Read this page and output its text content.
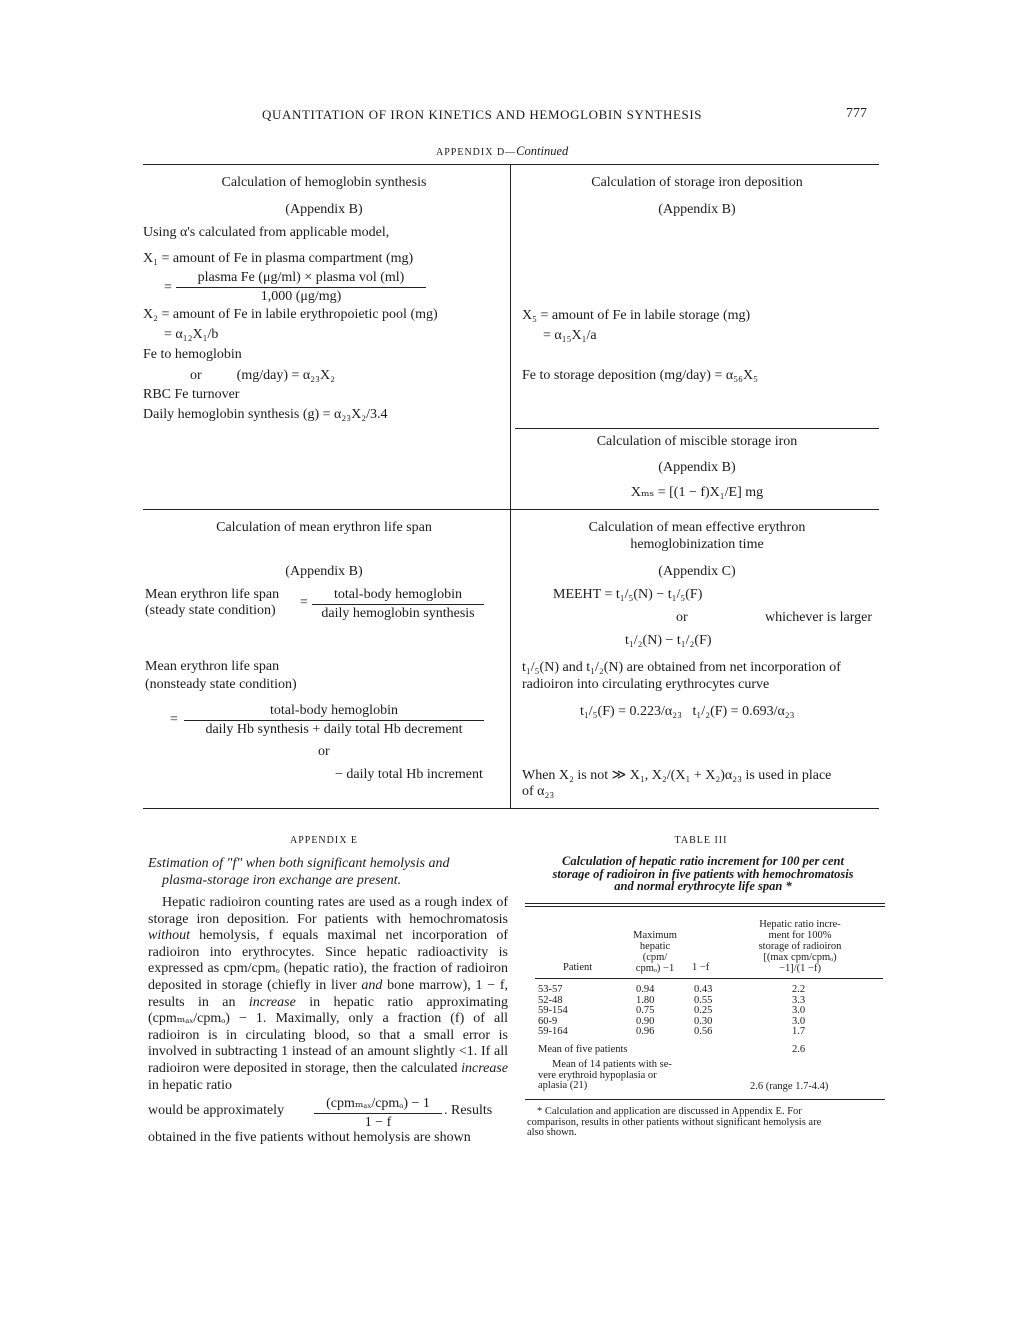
QUANTITATION OF IRON KINETICS AND HEMOGLOBIN SYNTHESIS	777
APPENDIX D—Continued
Calculation of hemoglobin synthesis
(Appendix B)
Using α's calculated from applicable model,
X₁ = amount of Fe in plasma compartment (mg)
=
plasma Fe (μg/ml) × plasma vol (ml)
1,000 (μg/mg)
X₂ = amount of Fe in labile erythropoietic pool (mg)
= α₁₂X₁/b
Fe to hemoglobin
or          (mg/day) = α₂₃X₂
RBC Fe turnover
Daily hemoglobin synthesis (g) = α₂₃X₂/3.4
Calculation of storage iron deposition
(Appendix B)
X₅ = amount of Fe in labile storage (mg)
= α₁₅X₁/a
Fe to storage deposition (mg/day) = α₅₆X₅
Calculation of miscible storage iron
(Appendix B)
Xₘₛ = [(1 − f)X₁/E] mg
Calculation of mean erythron life span
(Appendix B)
Mean erythron life span
(steady state condition)
=
total-body hemoglobin
daily hemoglobin synthesis
Mean erythron life span
(nonsteady state condition)
=
total-body hemoglobin
daily Hb synthesis + daily total Hb decrement
or
− daily total Hb increment
Calculation of mean effective erythron
hemoglobinization time
(Appendix C)
MEEHT = t₁/₅(N) − t₁/₅(F)
or	whichever is larger
t₁/₂(N) − t₁/₂(F)
t₁/₅(N) and t₁/₂(N) are obtained from net incorporation of
radioiron into circulating erythrocytes curve
t₁/₅(F) = 0.223/α₂₃   t₁/₂(F) = 0.693/α₂₃
When X₂ is not ≫ X₁, X₂/(X₁ + X₂)α₂₃ is used in place
of α₂₃
APPENDIX E
Estimation of "f" when both significant hemolysis and
plasma-storage iron exchange are present.
Hepatic radioiron counting rates are used as a rough index of storage iron deposition. For patients with hemochromatosis without hemolysis, f equals maximal net incorporation of radioiron into erythrocytes. Since hepatic radioactivity is expressed as cpm/cpmₒ (hepatic ratio), the fraction of radioiron deposited in storage (chiefly in liver and bone marrow), 1 − f, results in an increase in hepatic ratio approximating (cpmₘₐₓ/cpmₒ) − 1. Maximally, only a fraction (f) of all radioiron is in circulating blood, so that a small error is involved in subtracting 1 instead of an amount slightly <1. If all radioiron were deposited in storage, then the calculated increase in hepatic ratio
would be approximately	(cpmₘₐₓ/cpmₒ) − 1
1 − f
. Results
obtained in the five patients without hemolysis are shown
TABLE III
Calculation of hepatic ratio increment for 100 per cent
storage of radioiron in five patients with hemochromatosis
and normal erythrocyte life span *
Patient
Maximum
hepatic
(cpm/
cpmₒ) −1	1 −f
Hepatic ratio incre-
ment for 100%
storage of radioiron
[(max cpm/cpmₒ)
−1]/(1 −f)
53-57	0.94	0.43	2.2
52-48	1.80	0.55	3.3
59-154	0.75	0.25	3.0
60-9	0.90	0.30	3.0
59-164	0.96	0.56	1.7
Mean of five patients	2.6
Mean of 14 patients with se-
vere erythroid hypoplasia or
aplasia (21)	2.6 (range 1.7-4.4)
* Calculation and application are discussed in Appendix E. For
comparison, results in other patients without significant hemolysis are
also shown.
